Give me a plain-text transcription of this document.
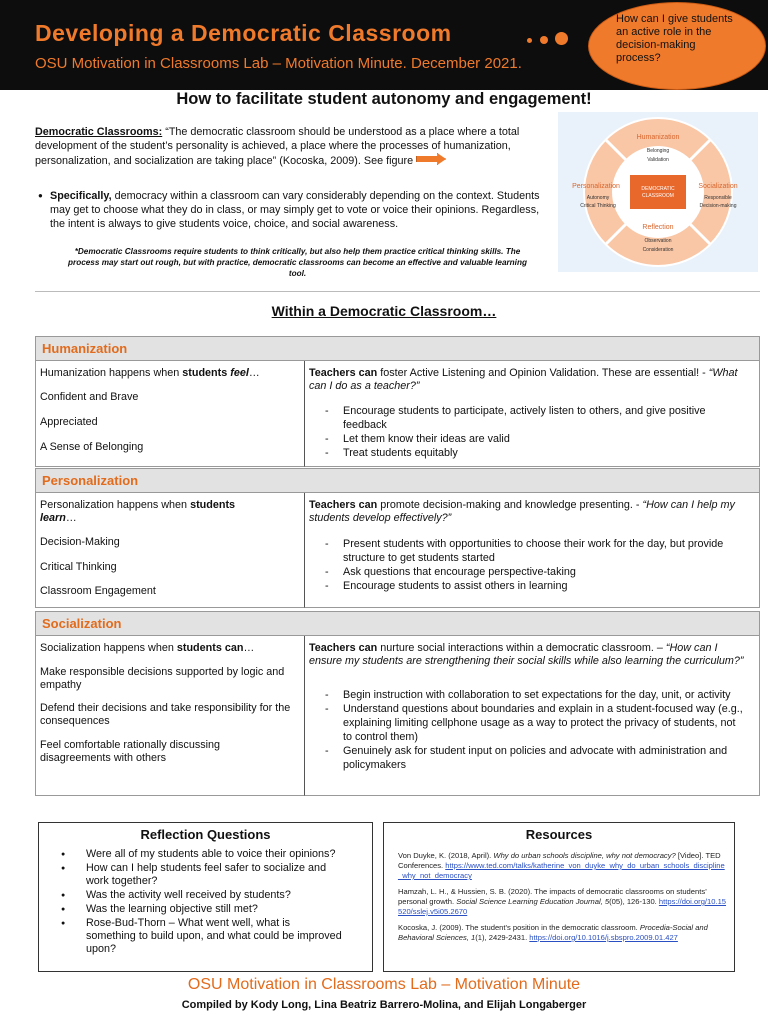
Developing a Democratic Classroom
OSU Motivation in Classrooms Lab – Motivation Minute. December 2021.
How can I give students an active role in the decision-making process?
How to facilitate student autonomy and engagement!
Democratic Classrooms: “The democratic classroom should be understood as a place where a total development of the student’s personality is achieved, a place where the processes of humanization, personalization, and socialization are taking place” (Kocoska, 2009). See figure
● Specifically, democracy within a classroom can vary considerably depending on the context. Students may get to choose what they do in class, or may simply get to vote or voice their opinions. Regardless, the intent is always to give students voice, choice, and social awareness.
*Democratic Classrooms require students to think critically, but also help them practice critical thinking skills. The process may start out rough, but with practice, democratic classrooms can become an effective and valuable learning tool.
DEMOCRATIC
CLASSROOM
Humanization
Belonging
Validation
Personalization
Autonomy
Critical Thinking
Socialization
Responsible
Decision-making
Reflection
Observation
Consideration
Within a Democratic Classroom…
Humanization
Humanization happens when students feel…
Confident and Brave
Appreciated
A Sense of Belonging
Teachers can foster Active Listening and Opinion Validation. These are essential! - “What can I do as a teacher?”
- Encourage students to participate, actively listen to others, and give positive feedback
- Let them know their ideas are valid
- Treat students equitably
Personalization
Personalization happens when students
learn…
Decision-Making
Critical Thinking
Classroom Engagement
Teachers can promote decision-making and knowledge presenting. - “How can I help my students develop effectively?”
- Present students with opportunities to choose their work for the day, but provide structure to get students started
- Ask questions that encourage perspective-taking
- Encourage students to assist others in learning
Socialization
Socialization happens when students can…
Make responsible decisions supported by logic and empathy
Defend their decisions and take responsibility for the consequences
Feel comfortable rationally discussing disagreements with others
Teachers can nurture social interactions within a democratic classroom. – “How can I ensure my students are strengthening their social skills while also learning the curriculum?”
- Begin instruction with collaboration to set expectations for the day, unit, or activity
- Understand questions about boundaries and explain in a student-focused way (e.g., explaining limiting cellphone usage as a way to protect the privacy of students, not to control them)
- Genuinely ask for student input on policies and advocate with administration and policymakers
Reflection Questions
● Were all of my students able to voice their opinions?
● How can I help students feel safer to socialize and work together?
● Was the activity well received by students?
● Was the learning objective still met?
● Rose-Bud-Thorn – What went well, what is something to build upon, and what could be improved upon?
Resources
Von Duyke, K. (2018, April). Why do urban schools discipline, why not democracy? [Video]. TED Conferences. https://www.ted.com/talks/katherine_von_duyke_why_do_urban_schools_discipline_why_not_democracy
Hamzah, L. H., & Hussien, S. B. (2020). The impacts of democratic classrooms on students’ personal growth. Social Science Learning Education Journal, 5(05), 126-130. https://doi.org/10.15520/sslej.v5i05.2670
Kocoska, J. (2009). The student's position in the democratic classroom. Procedia-Social and Behavioral Sciences, 1(1), 2429-2431. https://doi.org/10.1016/j.sbspro.2009.01.427
OSU Motivation in Classrooms Lab – Motivation Minute
Compiled by Kody Long, Lina Beatriz Barrero-Molina, and Elijah Longaberger
